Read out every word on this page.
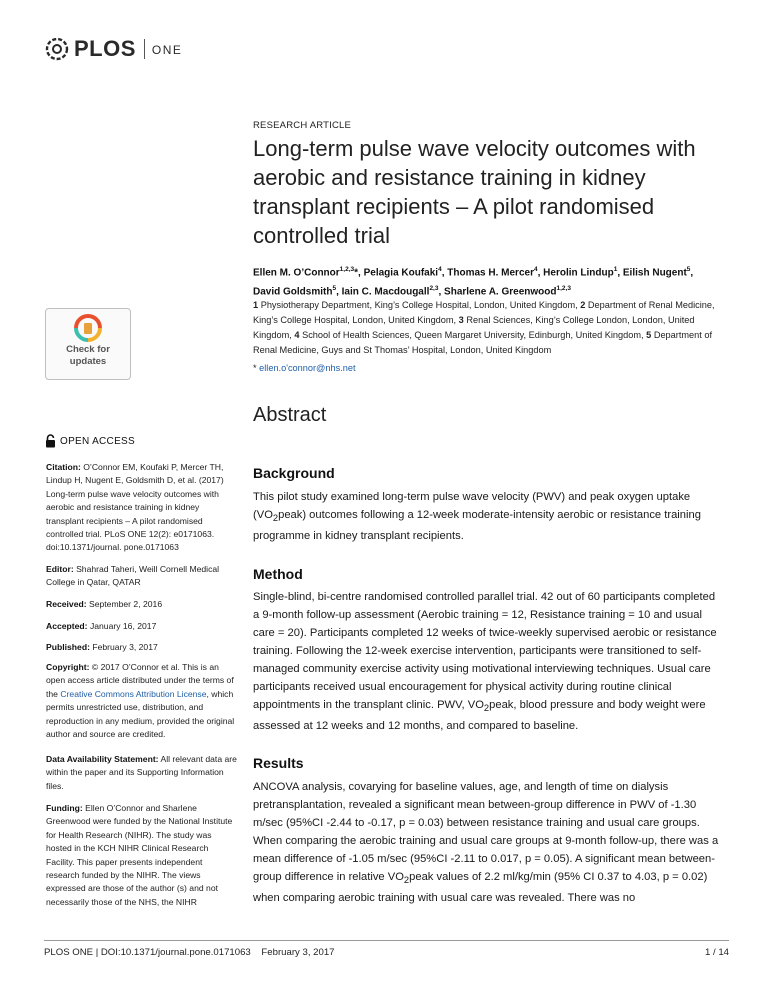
PLOS ONE
Check for
updates
OPEN ACCESS
Citation: O’Connor EM, Koufaki P, Mercer TH, Lindup H, Nugent E, Goldsmith D, et al. (2017) Long-term pulse wave velocity outcomes with aerobic and resistance training in kidney transplant recipients – A pilot randomised controlled trial. PLoS ONE 12(2): e0171063. doi:10.1371/journal. pone.0171063
Editor: Shahrad Taheri, Weill Cornell Medical College in Qatar, QATAR
Received: September 2, 2016
Accepted: January 16, 2017
Published: February 3, 2017
Copyright: © 2017 O’Connor et al. This is an open access article distributed under the terms of the Creative Commons Attribution License, which permits unrestricted use, distribution, and reproduction in any medium, provided the original author and source are credited.
Data Availability Statement: All relevant data are within the paper and its Supporting Information files.
Funding: Ellen O’Connor and Sharlene Greenwood were funded by the National Institute for Health Research (NIHR). The study was hosted in the KCH NIHR Clinical Research Facility. This paper presents independent research funded by the NIHR. The views expressed are those of the author (s) and not necessarily those of the NHS, the NIHR
RESEARCH ARTICLE
Long-term pulse wave velocity outcomes with aerobic and resistance training in kidney transplant recipients – A pilot randomised controlled trial
Ellen M. O’Connor$^{1,2,3}$*, Pelagia Koufaki$^4$, Thomas H. Mercer$^4$, Herolin Lindup$^1$, Eilish Nugent$^5$, David Goldsmith$^5$, Iain C. Macdougall$^{2,3}$, Sharlene A. Greenwood$^{1,2,3}$
1 Physiotherapy Department, King’s College Hospital, London, United Kingdom, 2 Department of Renal Medicine, King’s College Hospital, London, United Kingdom, 3 Renal Sciences, King’s College London, London, United Kingdom, 4 School of Health Sciences, Queen Margaret University, Edinburgh, United Kingdom, 5 Department of Renal Medicine, Guys and St Thomas’ Hospital, London, United Kingdom
* ellen.o'connor@nhs.net
Abstract
Background
This pilot study examined long-term pulse wave velocity (PWV) and peak oxygen uptake $(VO_2peak)$ outcomes following a 12-week moderate-intensity aerobic or resistance training programme in kidney transplant recipients.
Method
Single-blind, bi-centre randomised controlled parallel trial. 42 out of 60 participants completed a 9-month follow-up assessment (Aerobic training = 12, Resistance training = 10 and usual care = 20). Participants completed 12 weeks of twice-weekly supervised aerobic or resistance training. Following the 12-week exercise intervention, participants were transitioned to self-managed community exercise activity using motivational interviewing techniques. Usual care participants received usual encouragement for physical activity during routine clinical appointments in the transplant clinic. PWV, $VO_2peak$, blood pressure and body weight were assessed at 12 weeks and 12 months, and compared to baseline.
Results
ANCOVA analysis, covarying for baseline values, age, and length of time on dialysis pretransplantation, revealed a significant mean between-group difference in PWV of -1.30 m/sec (95%CI -2.44 to -0.17, p = 0.03) between resistance training and usual care groups. When comparing the aerobic training and usual care groups at 9-month follow-up, there was a mean difference of -1.05 m/sec (95%CI -2.11 to 0.017, p = 0.05). A significant mean between-group difference in relative $VO_2peak$ values of 2.2 ml/kg/min (95% CI 0.37 to 4.03, p = 0.02) when comparing aerobic training with usual care was revealed. There was no
PLOS ONE | DOI:10.1371/journal.pone.0171063    February 3, 2017	1 / 14
